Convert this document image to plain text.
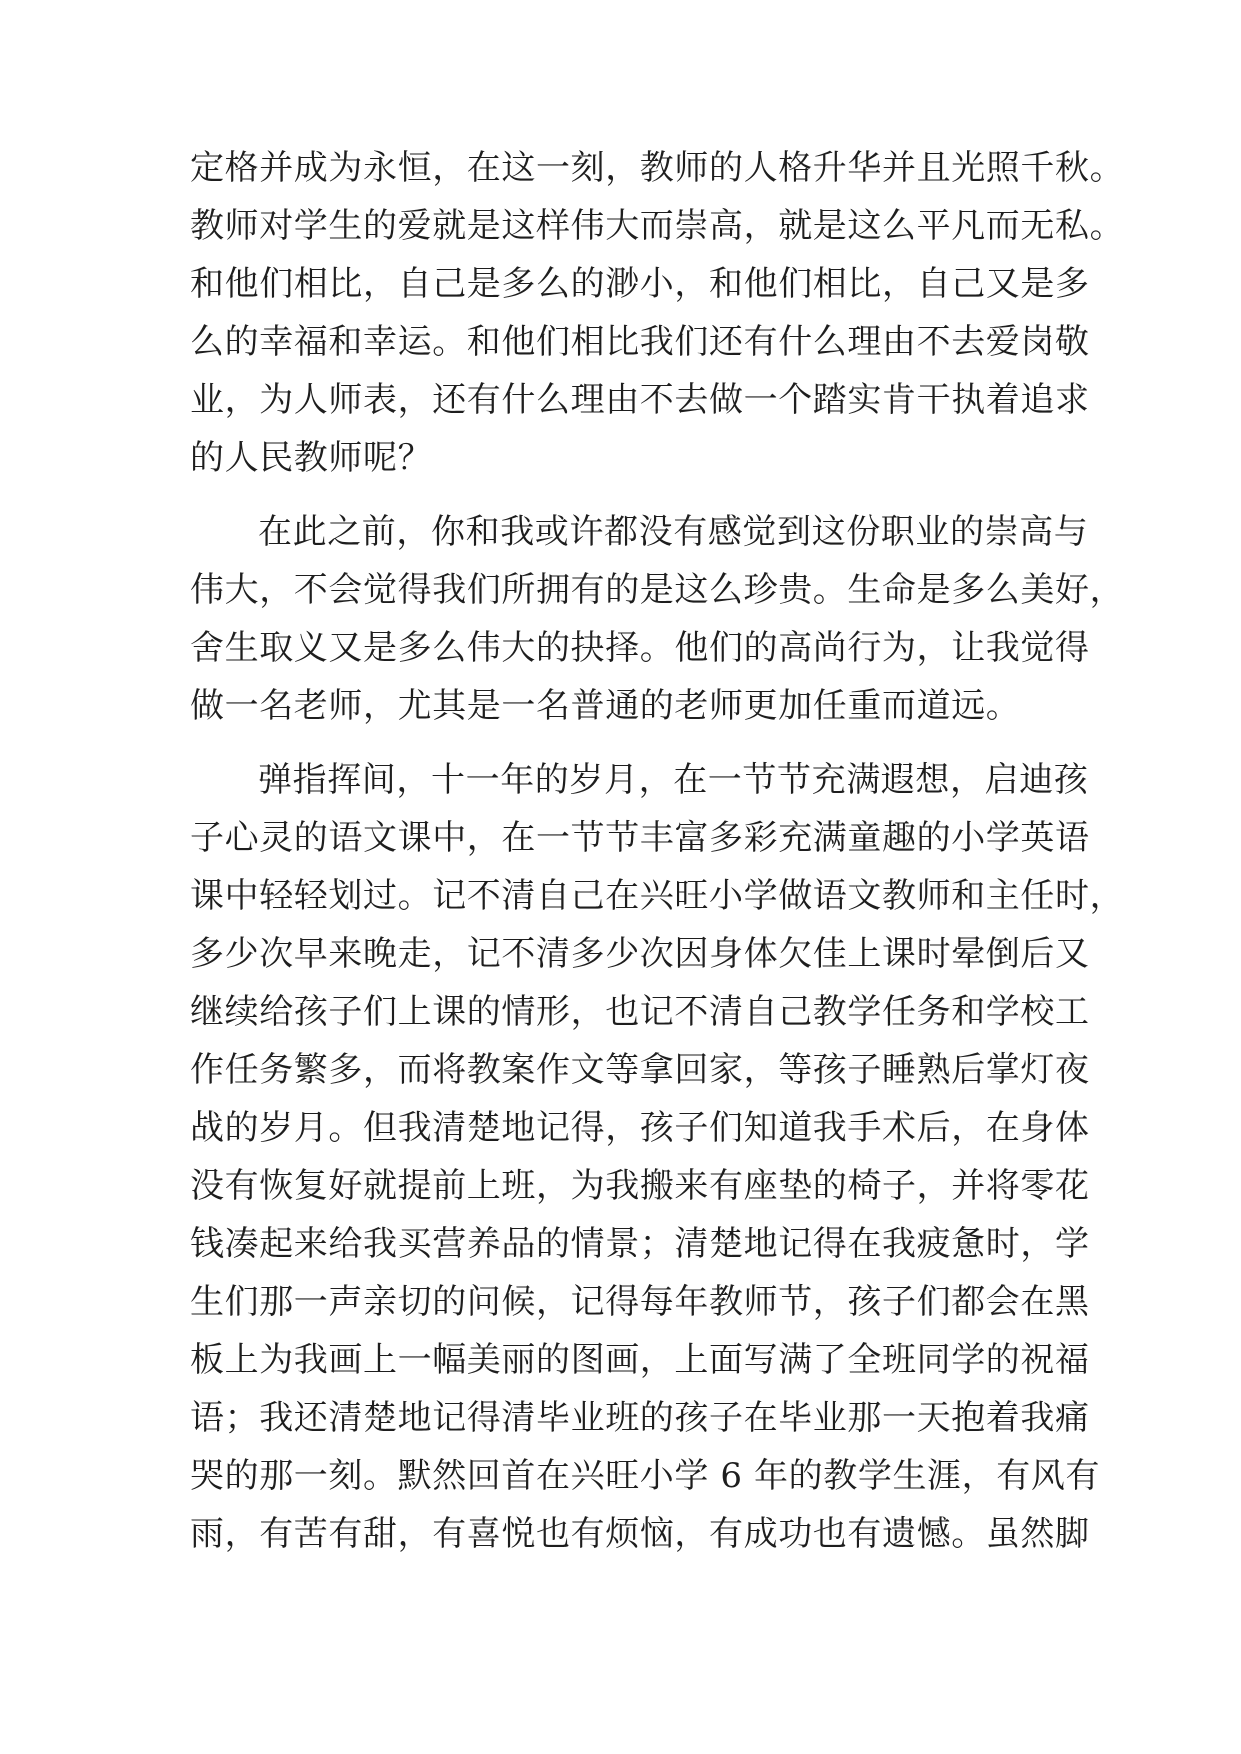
定格并成为永恒，在这一刻，教师的人格升华并且光照千秋。
教师对学生的爱就是这样伟大而崇高，就是这么平凡而无私。
和他们相比，自己是多么的渺小，和他们相比，自己又是多
么的幸福和幸运。和他们相比我们还有什么理由不去爱岗敬
业，为人师表，还有什么理由不去做一个踏实肯干执着追求
的人民教师呢？
在此之前，你和我或许都没有感觉到这份职业的崇高与
伟大，不会觉得我们所拥有的是这么珍贵。生命是多么美好，
舍生取义又是多么伟大的抉择。他们的高尚行为，让我觉得
做一名老师，尤其是一名普通的老师更加任重而道远。
弹指挥间，十一年的岁月，在一节节充满遐想，启迪孩
子心灵的语文课中，在一节节丰富多彩充满童趣的小学英语
课中轻轻划过。记不清自己在兴旺小学做语文教师和主任时，
多少次早来晚走，记不清多少次因身体欠佳上课时晕倒后又
继续给孩子们上课的情形，也记不清自己教学任务和学校工
作任务繁多，而将教案作文等拿回家，等孩子睡熟后掌灯夜
战的岁月。但我清楚地记得，孩子们知道我手术后，在身体
没有恢复好就提前上班，为我搬来有座垫的椅子，并将零花
钱凑起来给我买营养品的情景；清楚地记得在我疲惫时，学
生们那一声亲切的问候，记得每年教师节，孩子们都会在黑
板上为我画上一幅美丽的图画，上面写满了全班同学的祝福
语；我还清楚地记得清毕业班的孩子在毕业那一天抱着我痛
哭的那一刻。默然回首在兴旺小学 6 年的教学生涯，有风有
雨，有苦有甜，有喜悦也有烦恼，有成功也有遗憾。虽然脚
